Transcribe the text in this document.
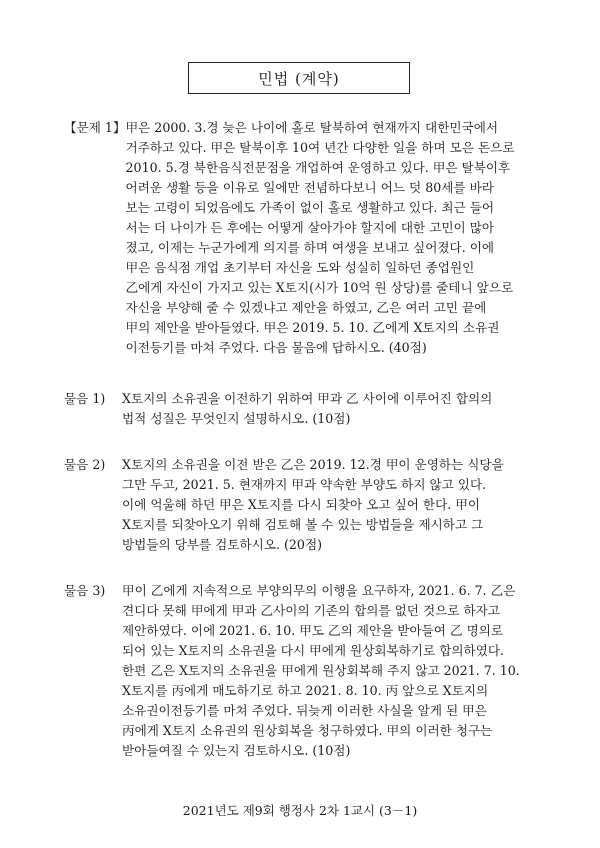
민법 (계약)
【문제 1】 甲은 2000. 3.경 늦은 나이에 홀로 탈북하여 현재까지 대한민국에서
거주하고 있다. 甲은 탈북이후 10여 년간 다양한 일을 하며 모은 돈으로
2010. 5.경 북한음식전문점을 개업하여 운영하고 있다. 甲은 탈북이후
어려운 생활 등을 이유로 일에만 전념하다보니 어느 덧 80세를 바라
보는 고령이 되었음에도 가족이 없이 홀로 생활하고 있다. 최근 들어
서는 더 나이가 든 후에는 어떻게 살아가야 할지에 대한 고민이 많아
졌고, 이제는 누군가에게 의지를 하며 여생을 보내고 싶어졌다. 이에
甲은 음식점 개업 초기부터 자신을 도와 성실히 일하던 종업원인
乙에게 자신이 가지고 있는 X토지(시가 10억 원 상당)를 줄테니 앞으로
자신을 부양해 줄 수 있겠냐고 제안을 하였고, 乙은 여러 고민 끝에
甲의 제안을 받아들였다. 甲은 2019. 5. 10. 乙에게 X토지의 소유권
이전등기를 마쳐 주었다. 다음 물음에 답하시오. (40점)
물음 1)	X토지의 소유권을 이전하기 위하여 甲과 乙 사이에 이루어진 합의의
법적 성질은 무엇인지 설명하시오. (10점)
물음 2)	X토지의 소유권을 이전 받은 乙은 2019. 12.경 甲이 운영하는 식당을
그만 두고, 2021. 5. 현재까지 甲과 약속한 부양도 하지 않고 있다.
이에 억울해 하던 甲은 X토지를 다시 되찾아 오고 싶어 한다. 甲이
X토지를 되찾아오기 위해 검토해 볼 수 있는 방법들을 제시하고 그
방법들의 당부를 검토하시오. (20점)
물음 3)	甲이 乙에게 지속적으로 부양의무의 이행을 요구하자, 2021. 6. 7. 乙은
견디다 못해 甲에게 甲과 乙사이의 기존의 합의를 없던 것으로 하자고
제안하였다. 이에 2021. 6. 10. 甲도 乙의 제안을 받아들여 乙 명의로
되어 있는 X토지의 소유권을 다시 甲에게 원상회복하기로 합의하였다.
한편 乙은 X토지의 소유권을 甲에게 원상회복해 주지 않고 2021. 7. 10.
X토지를 丙에게 매도하기로 하고 2021. 8. 10. 丙 앞으로 X토지의
소유권이전등기를 마쳐 주었다. 뒤늦게 이러한 사실을 알게 된 甲은
丙에게 X토지 소유권의 원상회복을 청구하였다. 甲의 이러한 청구는
받아들여질 수 있는지 검토하시오. (10점)
2021년도 제9회 행정사 2차 1교시 (3－1)
